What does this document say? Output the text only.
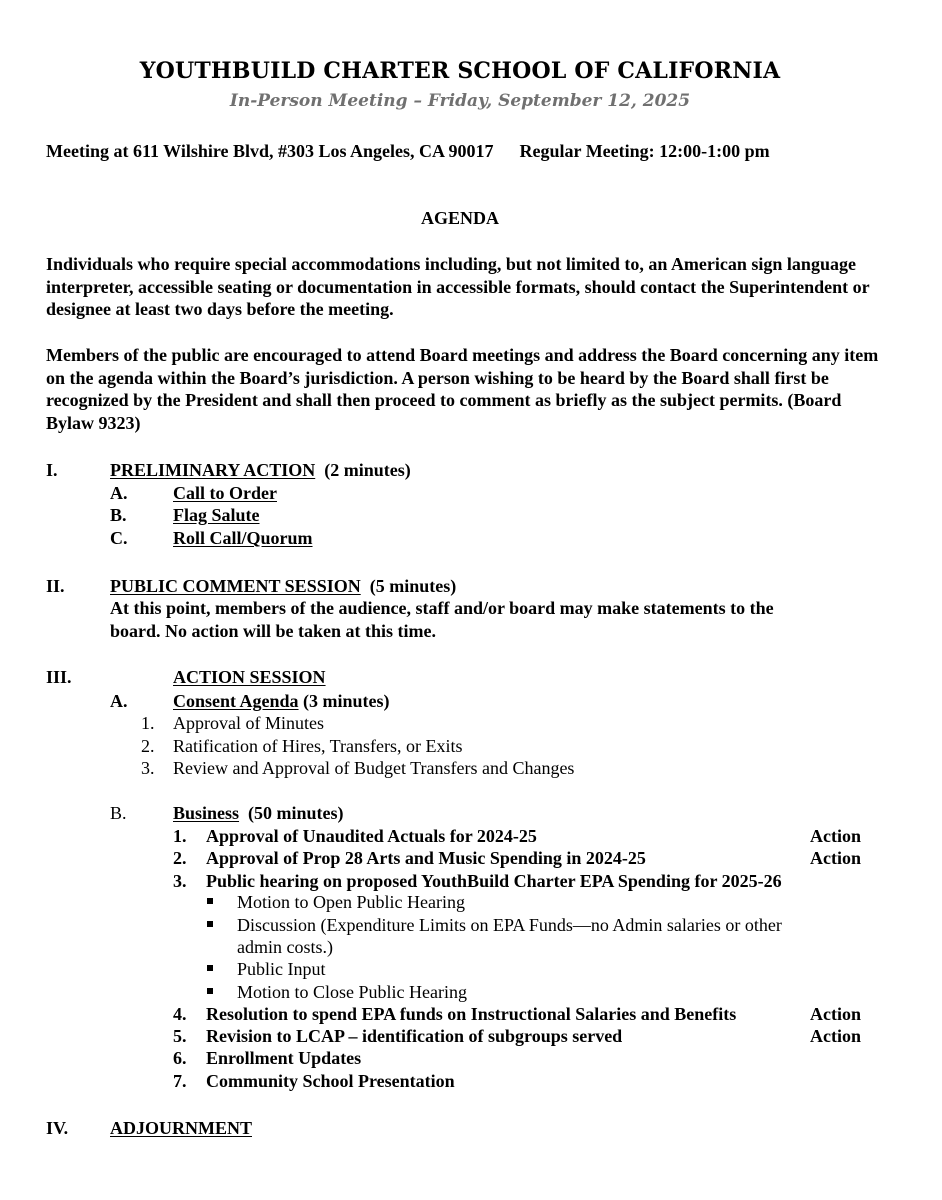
YOUTHBUILD CHARTER SCHOOL OF CALIFORNIA
In-Person Meeting – Friday, September 12, 2025
Meeting at 611 Wilshire Blvd, #303 Los Angeles, CA 90017 Regular Meeting: 12:00-1:00 pm
AGENDA
Individuals who require special accommodations including, but not limited to, an American sign language interpreter, accessible seating or documentation in accessible formats, should contact the Superintendent or designee at least two days before the meeting.
Members of the public are encouraged to attend Board meetings and address the Board concerning any item on the agenda within the Board’s jurisdiction. A person wishing to be heard by the Board shall first be recognized by the President and shall then proceed to comment as briefly as the subject permits. (Board Bylaw 9323)
I.	PRELIMINARY ACTION (2 minutes)
A.	Call to Order
B.	Flag Salute
C.	Roll Call/Quorum
II.	PUBLIC COMMENT SESSION (5 minutes)
At this point, members of the audience, staff and/or board may make statements to the
board. No action will be taken at this time.
III.	ACTION SESSION
A.	Consent Agenda (3 minutes)
1. Approval of Minutes
2. Ratification of Hires, Transfers, or Exits
3. Review and Approval of Budget Transfers and Changes
B.	Business (50 minutes)
1. Approval of Unaudited Actuals for 2024-25	Action
2. Approval of Prop 28 Arts and Music Spending in 2024-25	Action
3. Public hearing on proposed YouthBuild Charter EPA Spending for 2025-26
Motion to Open Public Hearing
Discussion (Expenditure Limits on EPA Funds—no Admin salaries or other
admin costs.)
Public Input
Motion to Close Public Hearing
4. Resolution to spend EPA funds on Instructional Salaries and Benefits	Action
5. Revision to LCAP – identification of subgroups served	Action
6. Enrollment Updates
7. Community School Presentation
IV. ADJOURNMENT
